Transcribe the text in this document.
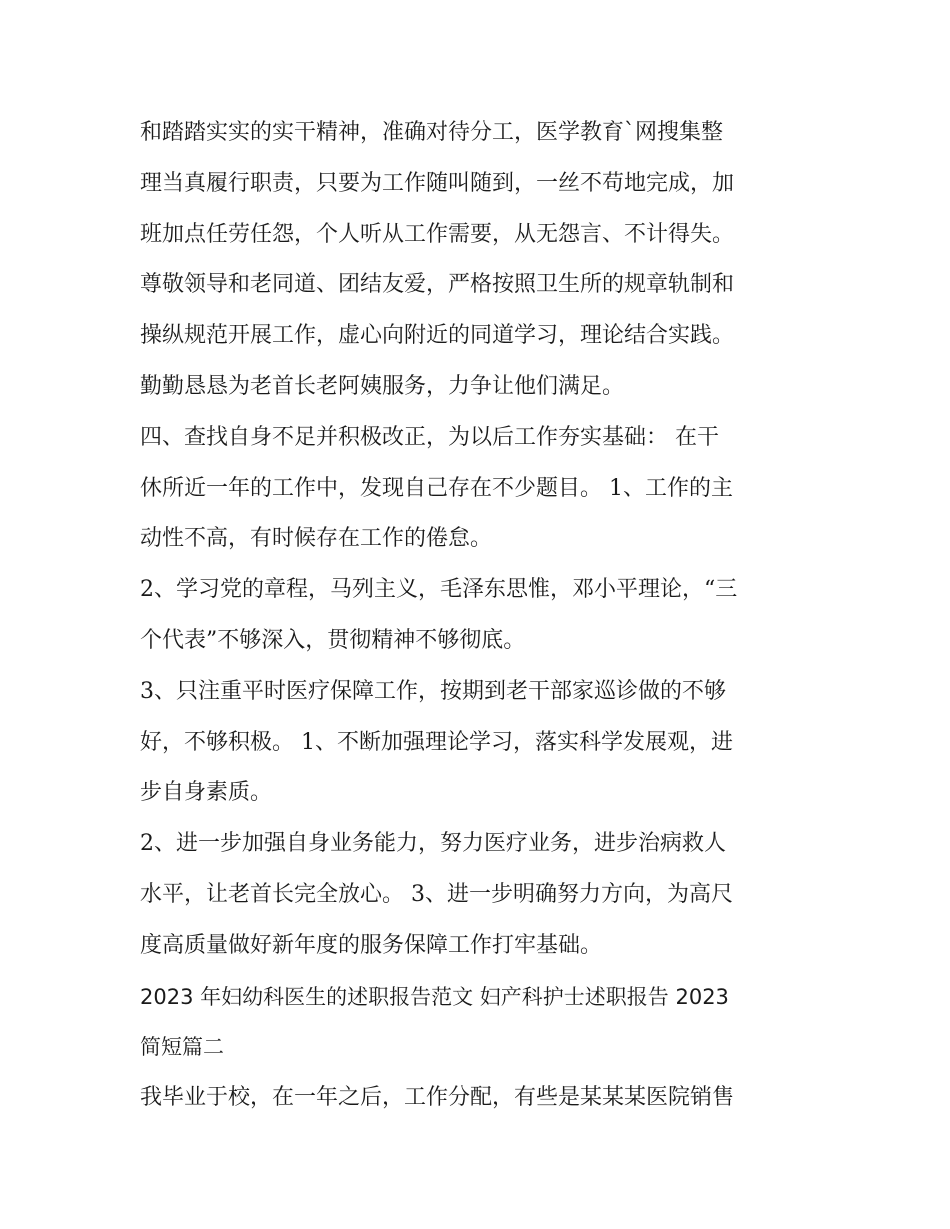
和踏踏实实的实干精神，准确对待分工，医学教育`网搜集整
理当真履行职责，只要为工作随叫随到，一丝不苟地完成，加
班加点任劳任怨，个人听从工作需要，从无怨言、不计得失。
尊敬领导和老同道、团结友爱，严格按照卫生所的规章轨制和
操纵规范开展工作，虚心向附近的同道学习，理论结合实践。
勤勤恳恳为老首长老阿姨服务，力争让他们满足。
四、查找自身不足并积极改正，为以后工作夯实基础： 在干
休所近一年的工作中，发现自己存在不少题目。 1、工作的主
动性不高，有时候存在工作的倦怠。
2、学习党的章程，马列主义，毛泽东思惟，邓小平理论，“三
个代表”不够深入，贯彻精神不够彻底。
3、只注重平时医疗保障工作，按期到老干部家巡诊做的不够
好，不够积极。 1、不断加强理论学习，落实科学发展观，进
步自身素质。
2、进一步加强自身业务能力，努力医疗业务，进步治病救人
水平，让老首长完全放心。 3、进一步明确努力方向，为高尺
度高质量做好新年度的服务保障工作打牢基础。
2023 年妇幼科医生的述职报告范文 妇产科护士述职报告 2023
简短篇二
我毕业于校，在一年之后，工作分配，有些是某某某医院销售
